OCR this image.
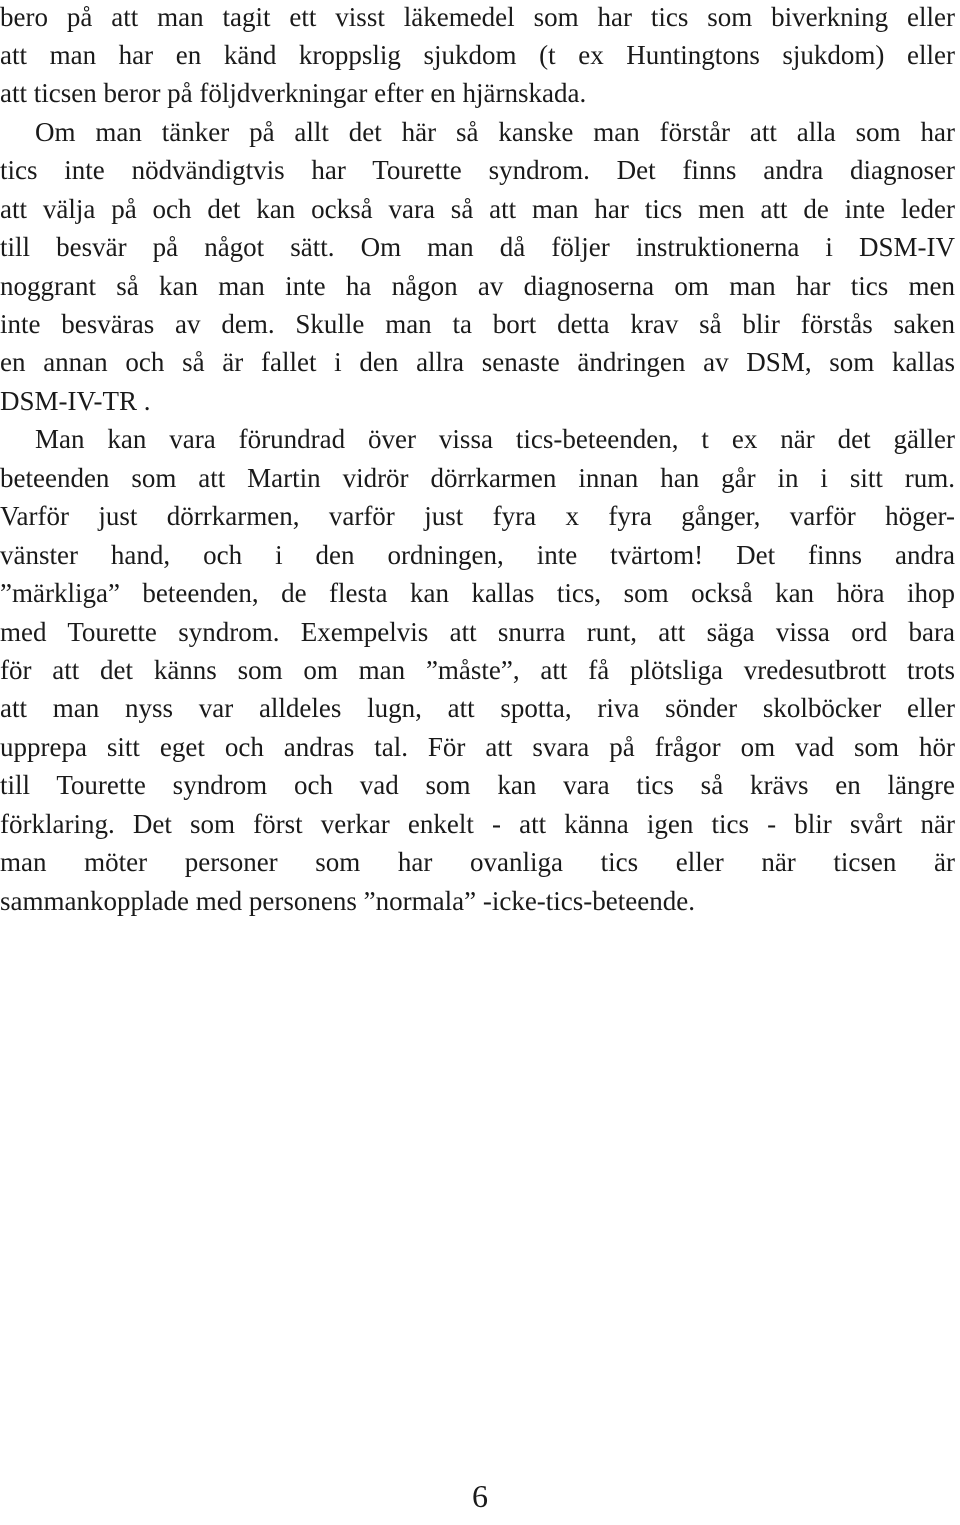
bero på att man tagit ett visst läkemedel som har tics som biverkning eller
att man har en känd kroppslig sjukdom (t ex Huntingtons sjukdom) eller
att ticsen beror på följdverkningar efter en hjärnskada.
Om man tänker på allt det här så kanske man förstår att alla som har
tics inte nödvändigtvis har Tourette syndrom. Det finns andra diagnoser
att välja på och det kan också vara så att man har tics men att de inte leder
till besvär på något sätt. Om man då följer instruktionerna i DSM-IV
noggrant så kan man inte ha någon av diagnoserna om man har tics men
inte besväras av dem. Skulle man ta bort detta krav så blir förstås saken
en annan och så är fallet i den allra senaste ändringen av DSM, som kallas
DSM-IV-TR .
Man kan vara förundrad över vissa tics-beteenden, t ex när det gäller
beteenden som att Martin vidrör dörrkarmen innan han går in i sitt rum.
Varför just dörrkarmen, varför just fyra x fyra gånger, varför höger-
vänster hand, och i den ordningen, inte tvärtom! Det finns andra
”märkliga” beteenden, de flesta kan kallas tics, som också kan höra ihop
med Tourette syndrom. Exempelvis att snurra runt, att säga vissa ord bara
för att det känns som om man ”måste”, att få plötsliga vredesutbrott trots
att man nyss var alldeles lugn, att spotta, riva sönder skolböcker eller
upprepa sitt eget och andras tal. För att svara på frågor om vad som hör
till Tourette syndrom och vad som kan vara tics så krävs en längre
förklaring. Det som först verkar enkelt - att känna igen tics - blir svårt när
man möter personer som har ovanliga tics eller när ticsen är
sammankopplade med personens ”normala” -icke-tics-beteende.
6
